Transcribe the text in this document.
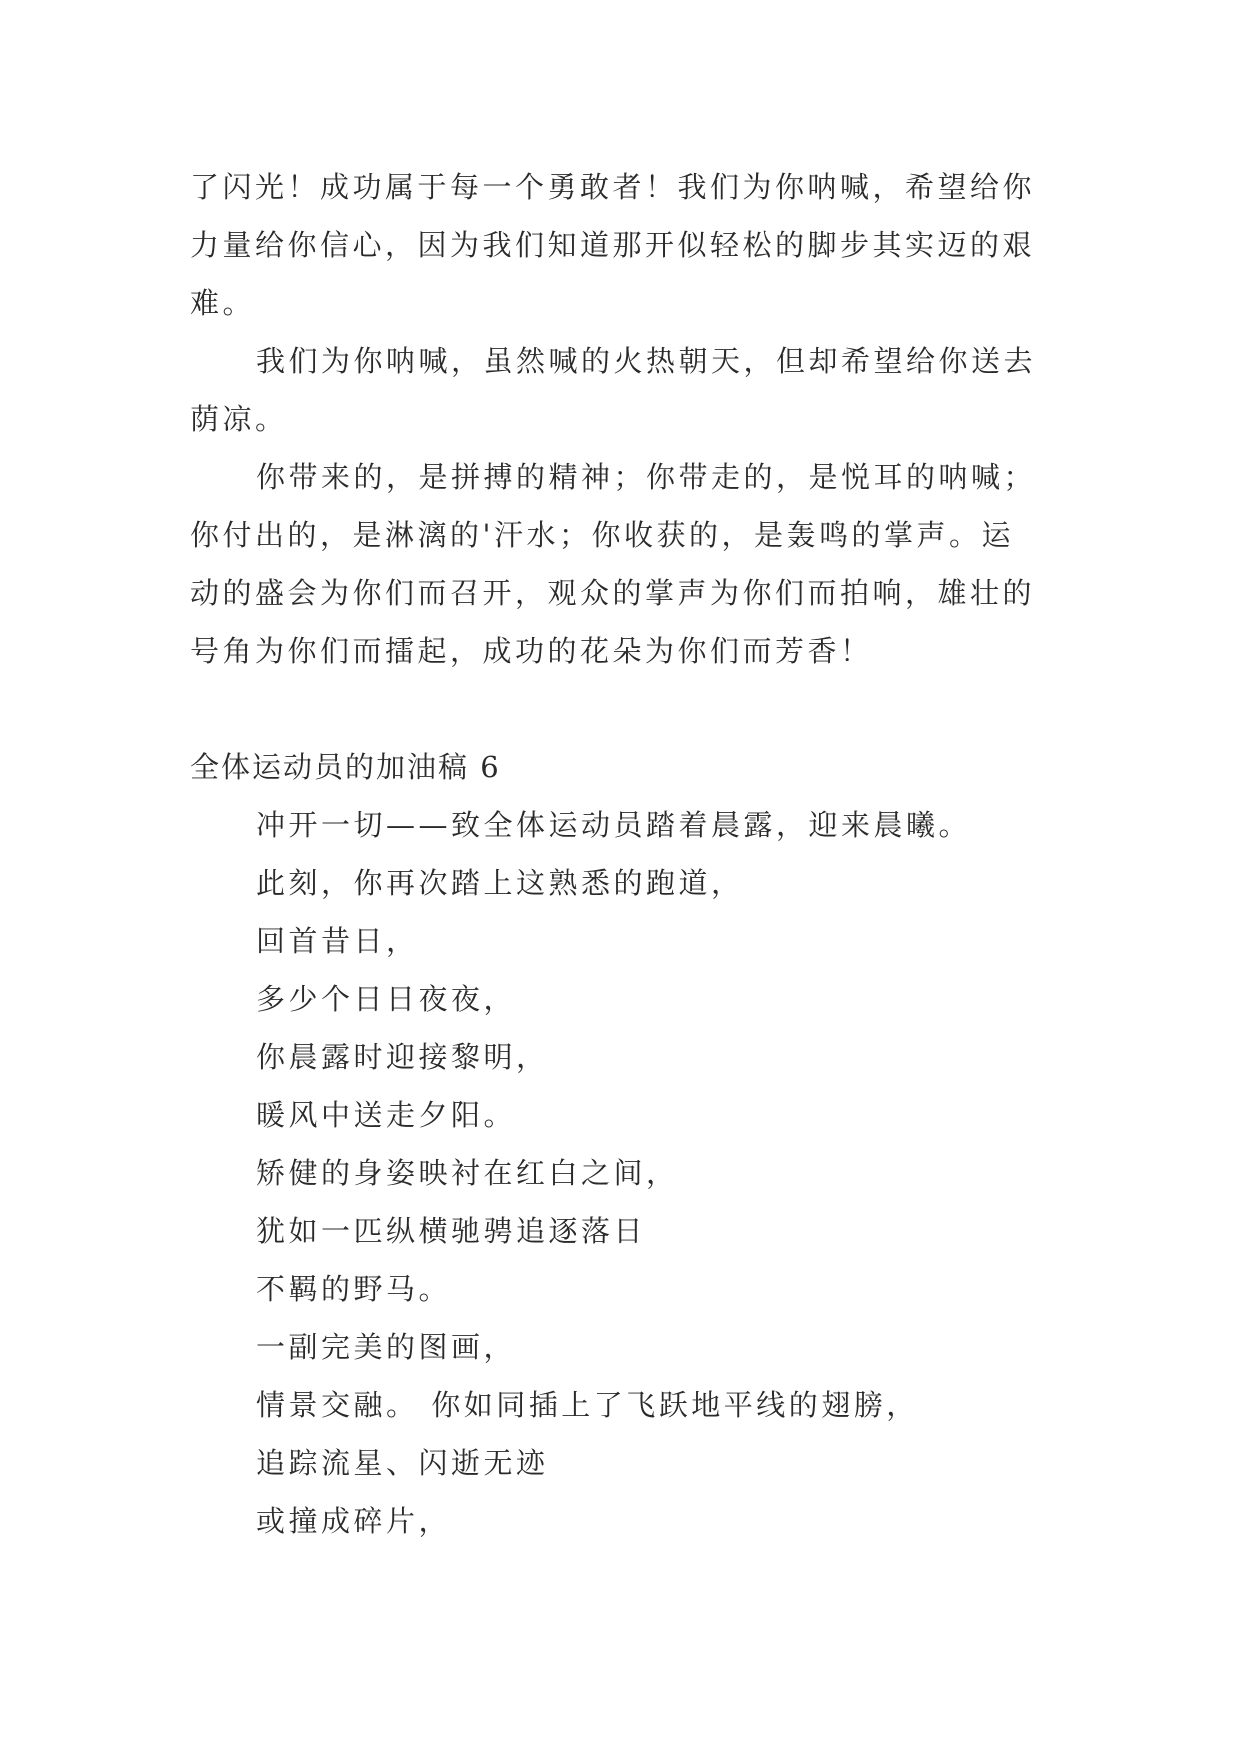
了闪光！成功属于每一个勇敢者！我们为你呐喊，希望给你
力量给你信心，因为我们知道那开似轻松的脚步其实迈的艰
难。
我们为你呐喊，虽然喊的火热朝天，但却希望给你送去
荫凉。
你带来的，是拼搏的精神；你带走的，是悦耳的呐喊；
你付出的，是淋漓的'汗水；你收获的，是轰鸣的掌声。运
动的盛会为你们而召开，观众的掌声为你们而拍响，雄壮的
号角为你们而擂起，成功的花朵为你们而芳香！
全体运动员的加油稿 6
冲开一切——致全体运动员踏着晨露，迎来晨曦。
此刻，你再次踏上这熟悉的跑道，
回首昔日，
多少个日日夜夜，
你晨露时迎接黎明，
暖风中送走夕阳。
矫健的身姿映衬在红白之间，
犹如一匹纵横驰骋追逐落日
不羁的野马。
一副完美的图画，
情景交融。 你如同插上了飞跃地平线的翅膀，
追踪流星、闪逝无迹
或撞成碎片，
